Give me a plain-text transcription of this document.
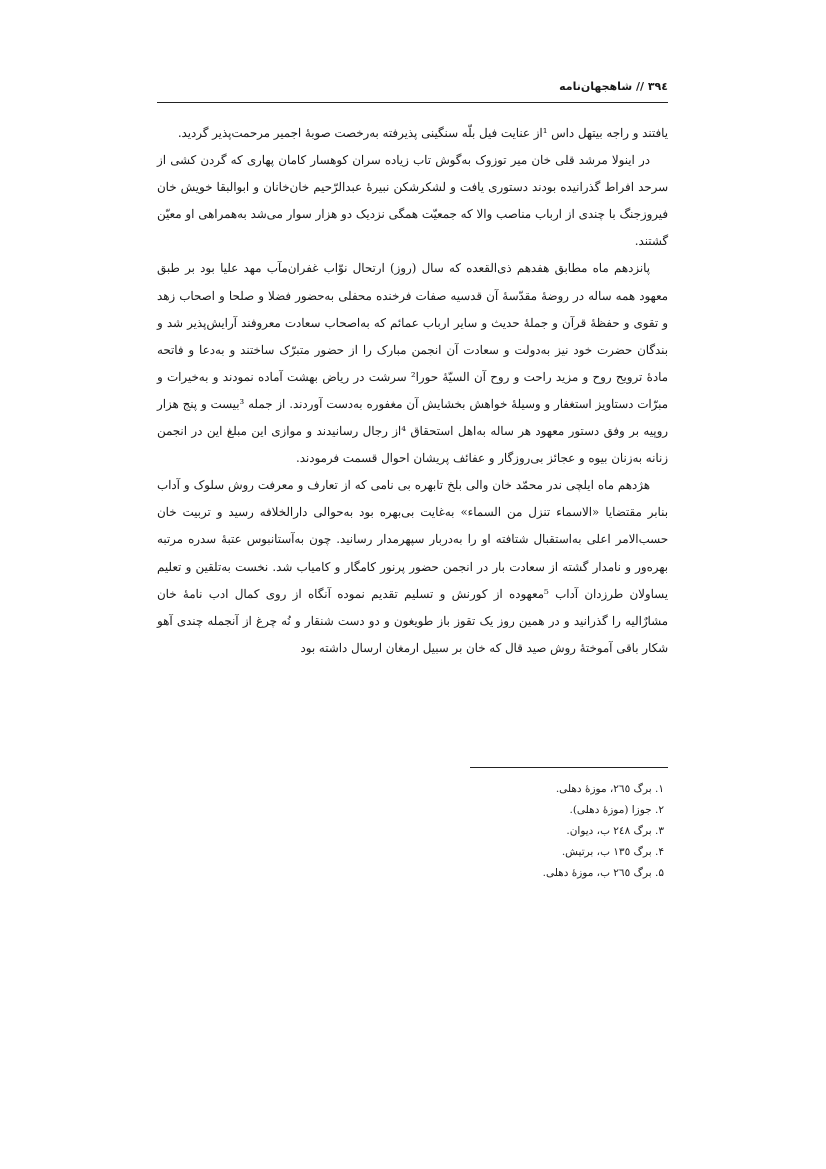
۳۹٤ // شاهجهان‌نامه

یافتند و راجه بیتهل داس ¹از عنایت فیل بلّه سنگینی پذیرفته به‌رخصت صوبهٔ اجمیر مرحمت‌پذیر گردید.

در اینولا مرشد قلی خان میر توزوک به‌گوش تاب زیاده سران کوهسار کامان پهاری که گردن کشی از سرحد افراط گذرانیده بودند دستوری یافت و لشکرشکن نبیرهٔ عبدالرّحیم خان‌خانان و ابوالبقا خویش خان فیروزجنگ با چندی از ارباب مناصب والا که جمعیّت همگی نزدیک دو هزار سوار می‌شد به‌همراهی او معیّن گشتند.

پانزدهم ماه مطابق هفدهم ذی‌القعده که سال (روز) ارتحال نوّاب غفران‌مآب مهد علیا بود بر طبق معهود همه ساله در روضهٔ مقدّسهٔ آن قدسیه صفات فرخنده محفلی به‌حضور فضلا و صلحا و اصحاب زهد و تقوی و حفظهٔ قرآن و جملهٔ حدیث و سایر ارباب عمائم که به‌اصحاب سعادت معروفند آرایش‌پذیر شد و بندگان حضرت خود نیز به‌دولت و سعادت آن انجمن مبارک را از حضور متبرّک ساختند و به‌دعا و فاتحه مادهٔ ترویح روح و مزید راحت و روح آن السیّهٔ حورا² سرشت در ریاض بهشت آماده نمودند و به‌خیرات و مبرّات دستاویز استغفار و وسیلهٔ خواهش بخشایش آن مغفوره به‌دست آوردند. از جمله ³بیست و پنج هزار روپیه بر وفق دستور معهود هر ساله به‌اهل استحقاق ⁴از رجال رسانیدند و موازی این مبلغ این در انجمن زنانه به‌زنان بیوه و عجائز بی‌روزگار و عفائف پریشان احوال قسمت فرمودند.

هژدهم ماه ایلچی ندر محمّد خان والی بلخ تابهره بی نامی که از تعارف و معرفت روش سلوک و آداب بنابر مقتضایا «الاسماء تنزل من السماء» به‌غایت بی‌بهره بود به‌حوالی دارالخلافه رسید و تربیت خان حسب‌الامر اعلی به‌استقبال شتافته او را به‌دربار سپهرمدار رسانید. چون به‌آستانبوس عتبهٔ سدره مرتبه بهره‌ور و نامدار گشته از سعادت بار در انجمن حضور پرنور کامگار و کامیاب شد. نخست به‌تلقین و تعلیم یساولان طرزدان آداب ⁵معهوده از کورنش و تسلیم تقدیم نموده آنگاه از روی کمال ادب نامهٔ خان مشارٌالیه را گذرانید و در همین روز یک تقوز باز طویغون و دو دست شنقار و نُه چرغ از آنجمله چندی آهو شکار باقی آموختهٔ روش صید قال که خان بر سبیل ارمغان ارسال داشته بود

۱. برگ ۲٦٥، موزهٔ دهلی.

۲. جوزا (موزهٔ دهلی).

۳. برگ ۲٤٨ ب، دیوان.

۴. برگ ۱۳٥ ب، برتیش.

۵. برگ ۲٦٥ ب، موزهٔ دهلی.
